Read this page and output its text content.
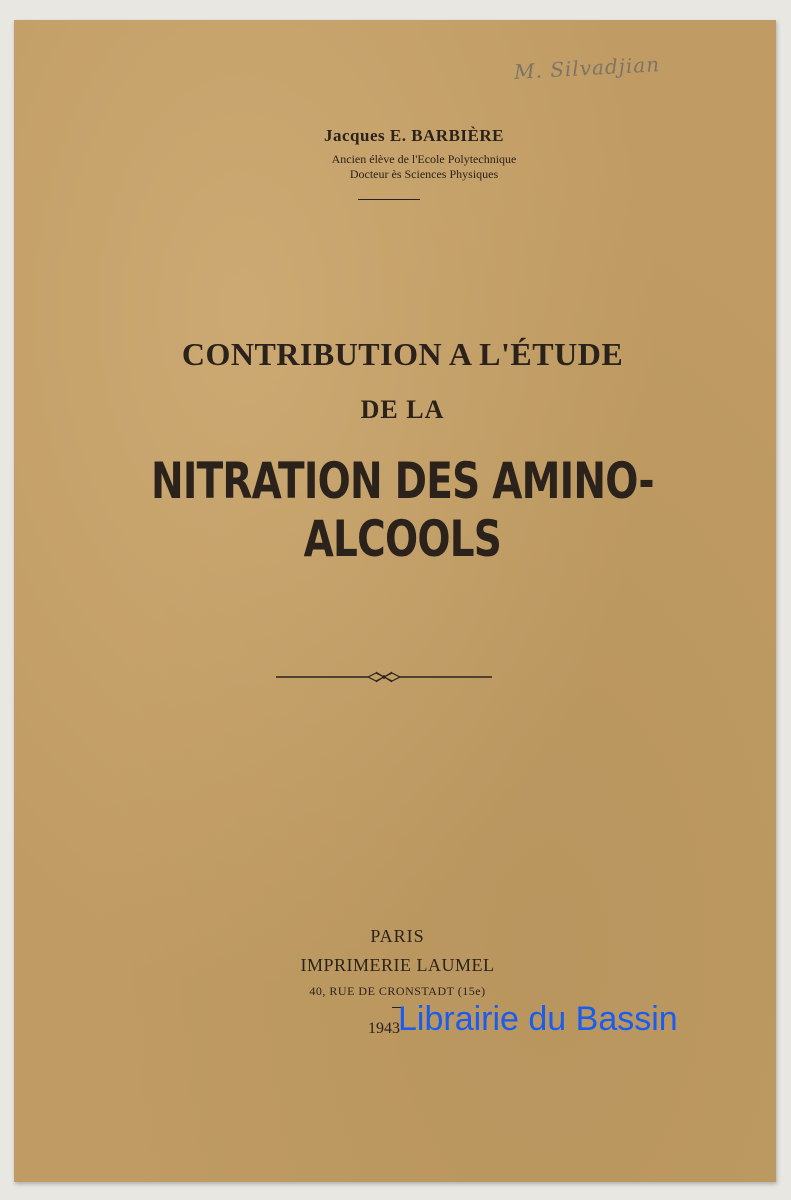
M. Silvadjian
Jacques E. BARBIÈRE
Ancien élève de l'Ecole Polytechnique
Docteur ès Sciences Physiques
CONTRIBUTION A L'ÉTUDE
DE LA
NITRATION DES AMINO-ALCOOLS
PARIS
IMPRIMERIE LAUMEL
40, RUE DE CRONSTADT (15e)
1943
Librairie du Bassin
